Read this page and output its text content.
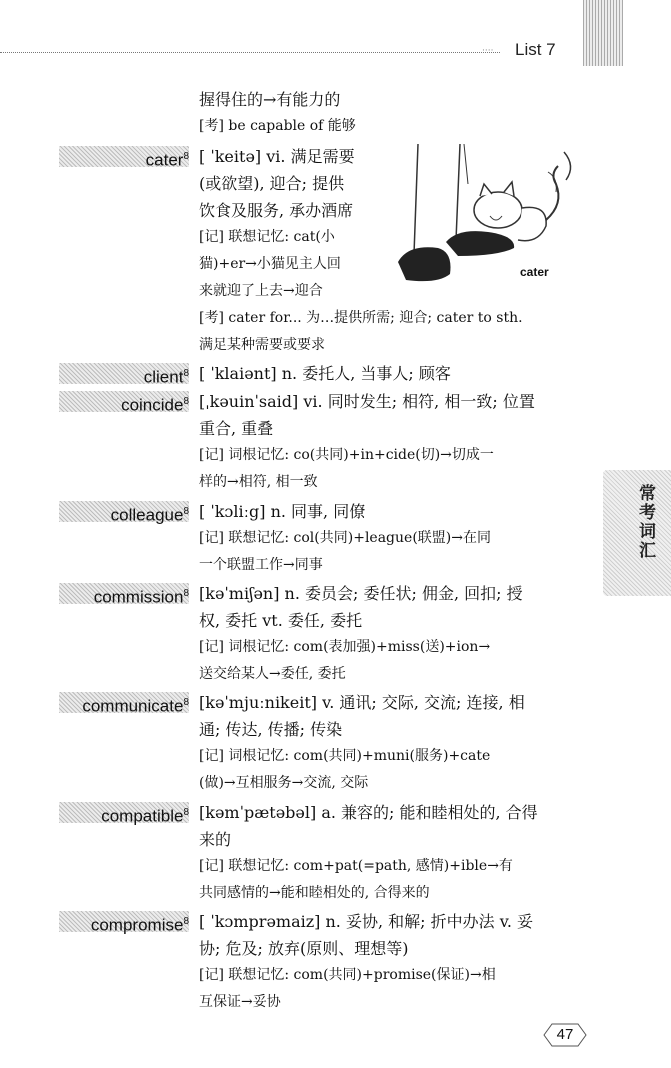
···· List 7
常考词汇
握得住的→有能力的
[考] be capable of 能够
cater$^8$ [ ˈkeitə] vi. 满足需要
(或欲望), 迎合; 提供
饮食及服务, 承办酒席
[记] 联想记忆: cat(小
猫)+er→小猫见主人回
来就迎了上去→迎合
[考] cater for... 为…提供所需; 迎合; cater to sth.
满足某种需要或要求
cater
client$^8$ [ ˈklaiənt] n. 委托人, 当事人; 顾客
coincide$^8$ [ˌkəuinˈsaid] vi. 同时发生; 相符, 相一致; 位置
重合, 重叠
[记] 词根记忆: co(共同)+in+cide(切)→切成一
样的→相符, 相一致
colleague$^8$ [ ˈkɔliːg] n. 同事, 同僚
[记] 联想记忆: col(共同)+league(联盟)→在同
一个联盟工作→同事
commission$^8$ [kəˈmiʃən] n. 委员会; 委任状; 佣金, 回扣; 授
权, 委托 vt. 委任, 委托
[记] 词根记忆: com(表加强)+miss(送)+ion→
送交给某人→委任, 委托
communicate$^8$ [kəˈmjuːnikeit] v. 通讯; 交际, 交流; 连接, 相
通; 传达, 传播; 传染
[记] 词根记忆: com(共同)+muni(服务)+cate
(做)→互相服务→交流, 交际
compatible$^8$ [kəmˈpætəbəl] a. 兼容的; 能和睦相处的, 合得
来的
[记] 联想记忆: com+pat(=path, 感情)+ible→有
共同感情的→能和睦相处的, 合得来的
compromise$^8$ [ ˈkɔmprəmaiz] n. 妥协, 和解; 折中办法 v. 妥
协; 危及; 放弃(原则、理想等)
[记] 联想记忆: com(共同)+promise(保证)→相
互保证→妥协
47
